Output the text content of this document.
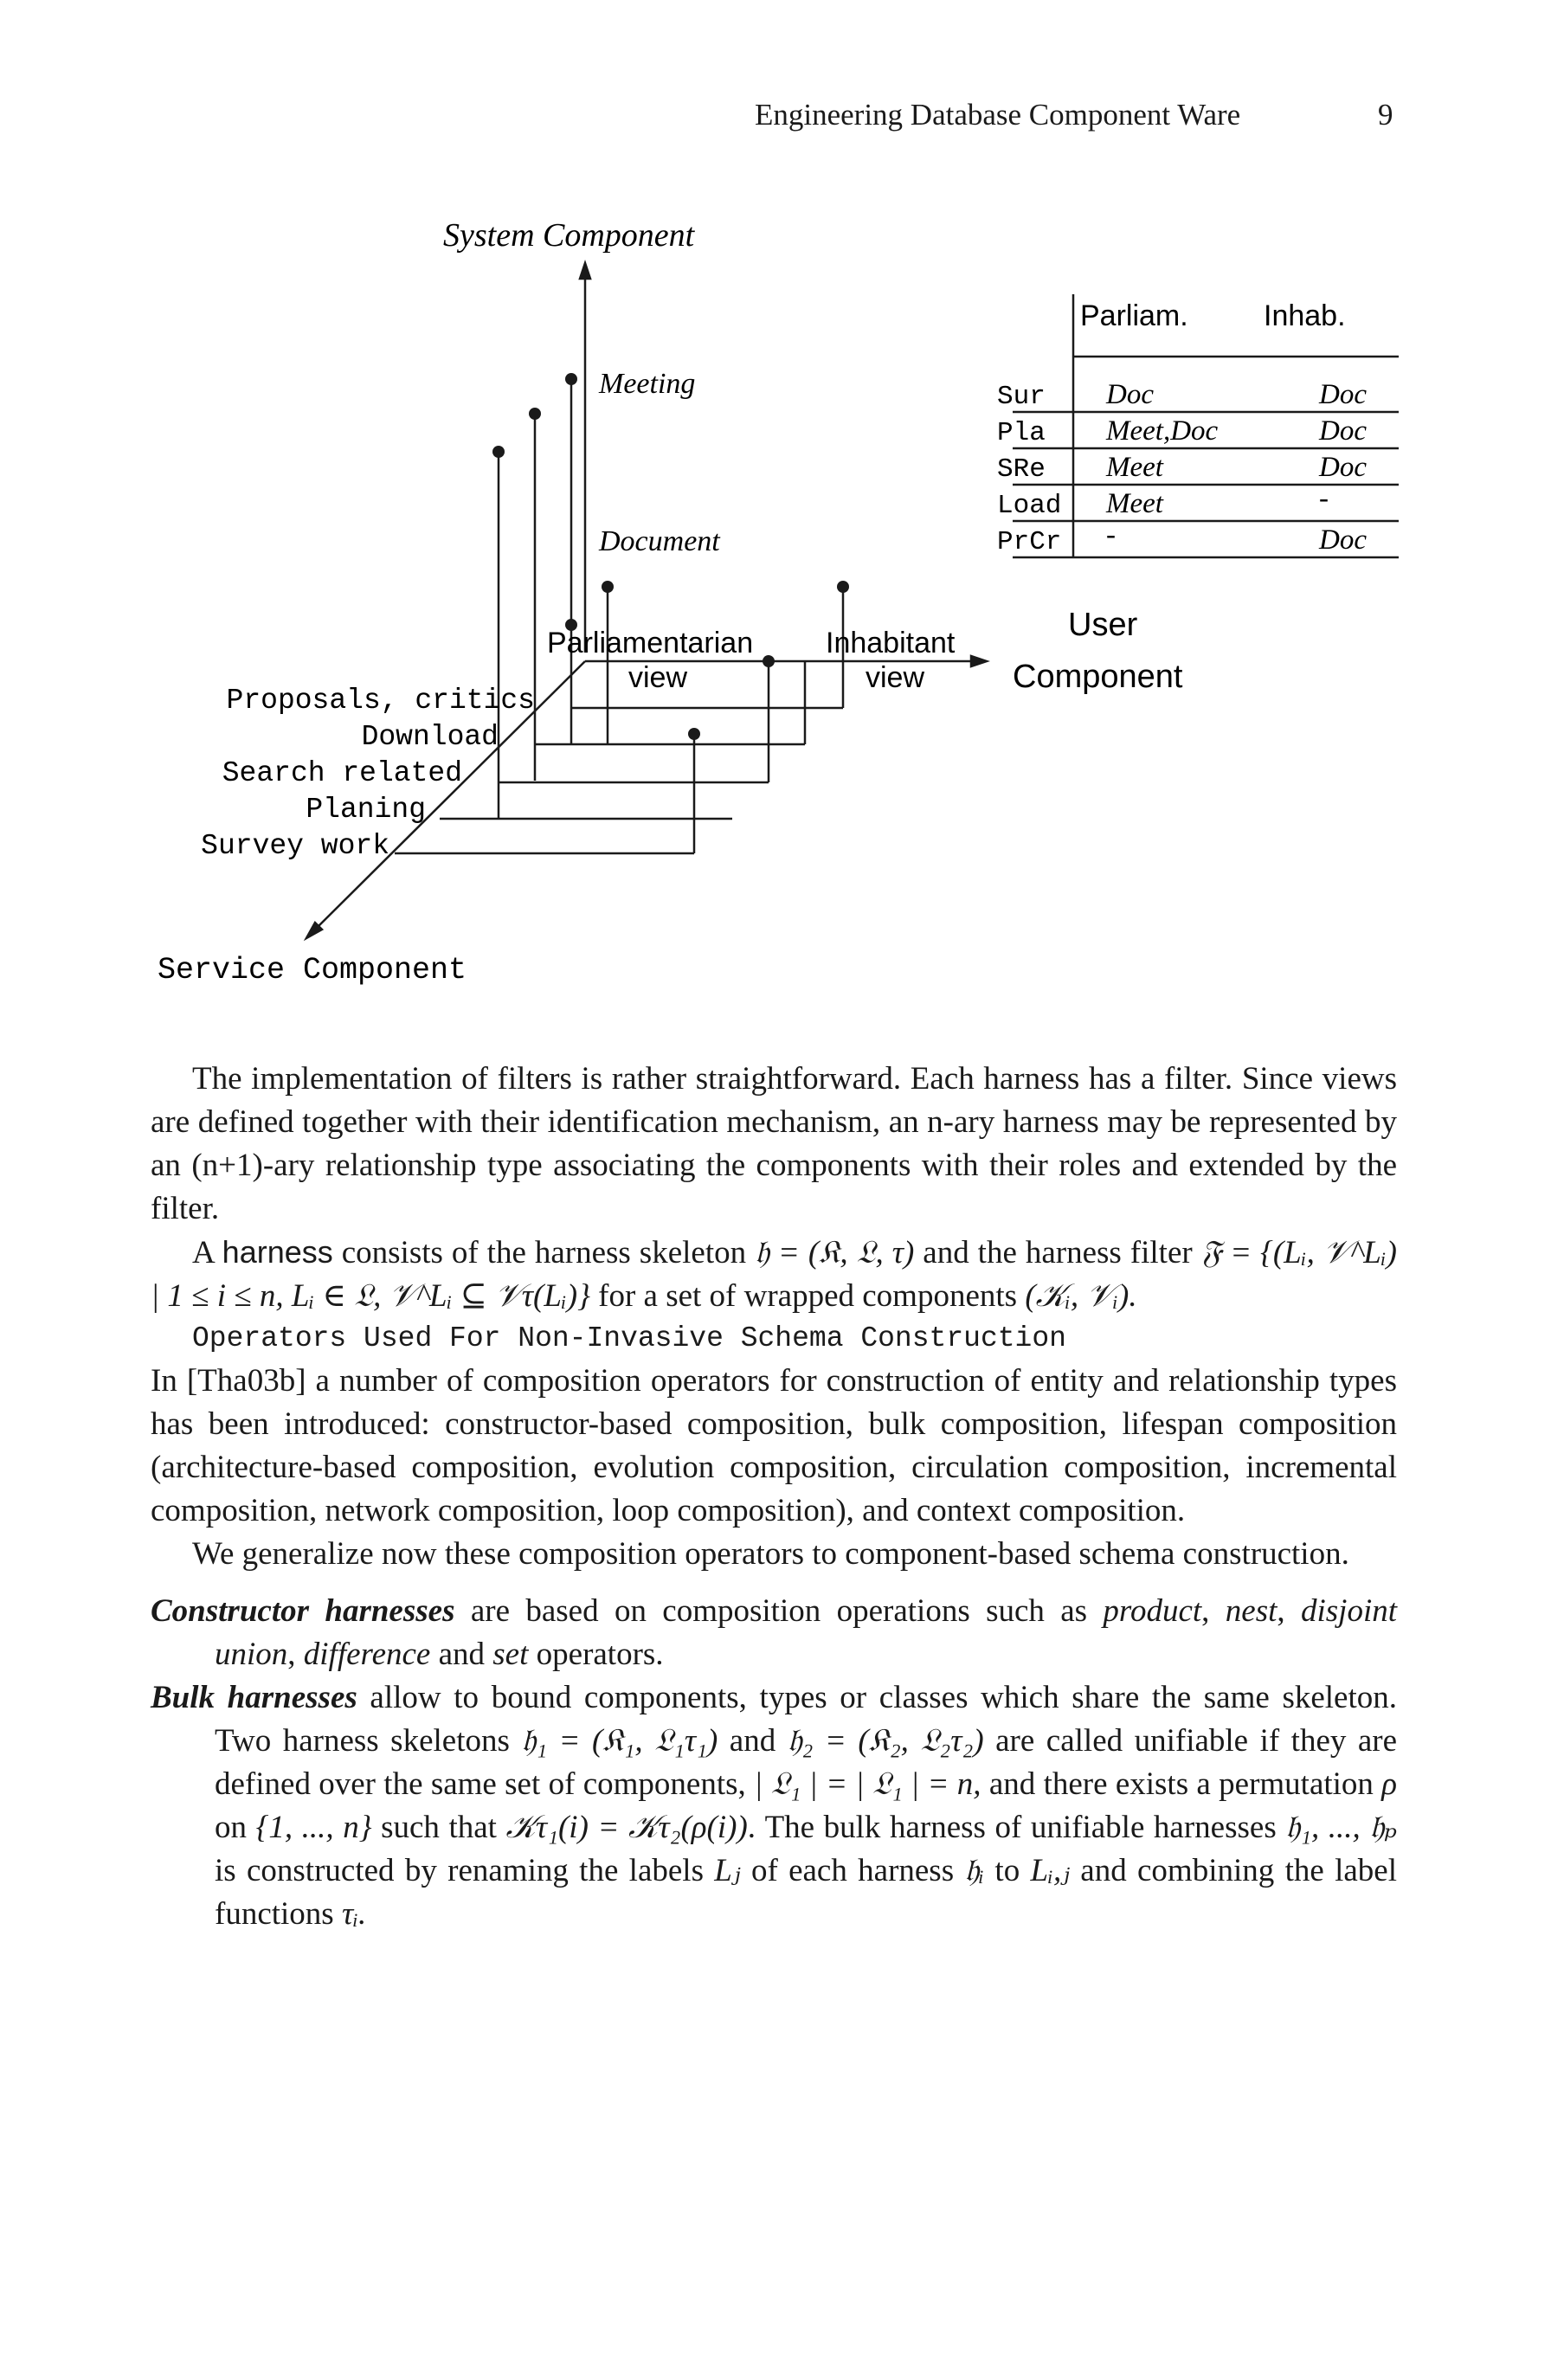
Engineering Database Component Ware	9
System Component
Meeting
Document
Parliamentarian
view
Inhabitant
view
User
Component
Proposals, critics
Download
Search related
Planing
Survey work
Service Component
Parliam.	Inhab.
Sur Doc	Doc
Pla Meet,Doc	Doc
SRe Meet	Doc
Load Meet	-
PrCr -	Doc

The implementation of filters is rather straightforward. Each harness has a filter. Since views are defined together with their identification mechanism, an n-ary harness may be represented by an (n+1)-ary relationship type associating the components with their roles and extended by the filter.

A harness consists of the harness skeleton 𝔥 = (𝔎, 𝔏, τ) and the harness filter 𝔉 = {(Lᵢ, 𝒱^Lᵢ) | 1 ≤ i ≤ n, Lᵢ ∈ 𝔏, 𝒱^Lᵢ ⊆ 𝒱τ(Lᵢ)} for a set of wrapped components (𝒦ᵢ, 𝒱ᵢ).

Operators Used For Non-Invasive Schema Construction

In [Tha03b] a number of composition operators for construction of entity and relationship types has been introduced: constructor-based composition, bulk composition, lifespan composition (architecture-based composition, evolution composition, circulation composition, incremental composition, network composition, loop composition), and context composition.

We generalize now these composition operators to component-based schema construction.

Constructor harnesses are based on composition operations such as product, nest, disjoint union, difference and set operators.

Bulk harnesses allow to bound components, types or classes which share the same skeleton. Two harness skeletons 𝔥₁ = (𝔎₁, 𝔏₁τ₁) and 𝔥₂ = (𝔎₂, 𝔏₂τ₂) are called unifiable if they are defined over the same set of components, | 𝔏₁ | = | 𝔏₁ | = n, and there exists a permutation ρ on {1, ..., n} such that 𝒦τ₁(i) = 𝒦τ₂(ρ(i)). The bulk harness of unifiable harnesses 𝔥₁, ..., 𝔥ₚ is constructed by renaming the labels Lⱼ of each harness 𝔥ᵢ to Lᵢ,ⱼ and combining the label functions τᵢ.
